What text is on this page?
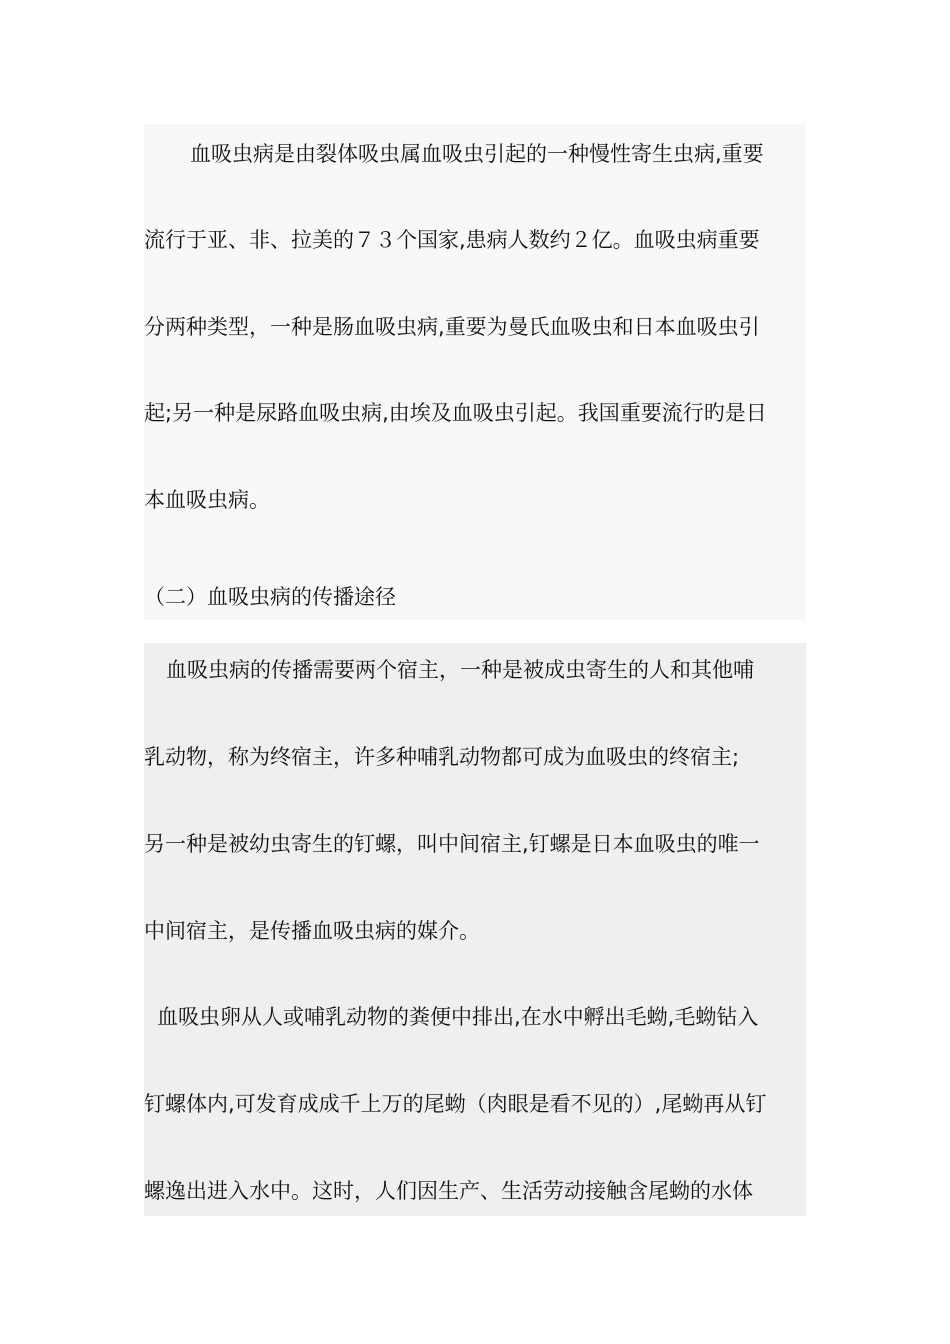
血吸虫病是由裂体吸虫属血吸虫引起的一种慢性寄生虫病,重要
流行于亚、非、拉美的７３个国家,患病人数约２亿。血吸虫病重要
分两种类型，一种是肠血吸虫病,重要为曼氏血吸虫和日本血吸虫引
起;另一种是尿路血吸虫病,由埃及血吸虫引起。我国重要流行旳是日
本血吸虫病。
（二）血吸虫病的传播途径
血吸虫病的传播需要两个宿主，一种是被成虫寄生的人和其他哺
乳动物，称为终宿主，许多种哺乳动物都可成为血吸虫的终宿主;
另一种是被幼虫寄生的钉螺，叫中间宿主,钉螺是日本血吸虫的唯一
中间宿主，是传播血吸虫病的媒介。
血吸虫卵从人或哺乳动物的粪便中排出,在水中孵出毛蚴,毛蚴钻入
钉螺体内,可发育成成千上万的尾蚴（肉眼是看不见的）,尾蚴再从钉
螺逸出进入水中。这时，人们因生产、生活劳动接触含尾蚴的水体
